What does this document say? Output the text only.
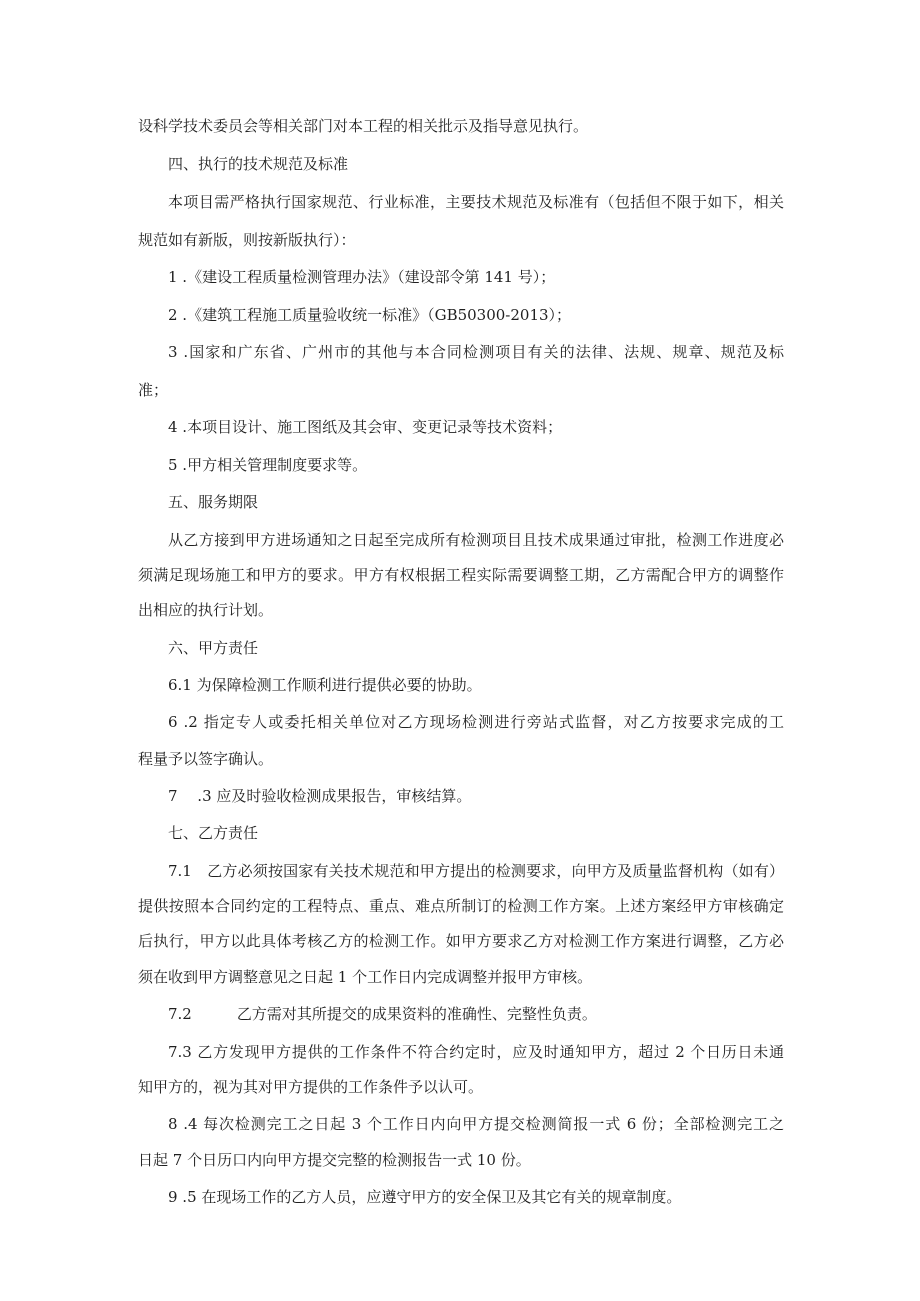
设科学技术委员会等相关部门对本工程的相关批示及指导意见执行。

四、执行的技术规范及标准

本项目需严格执行国家规范、行业标准，主要技术规范及标准有（包括但不限于如下，相关

规范如有新版，则按新版执行）：

1 .《建设工程质量检测管理办法》（建设部令第 141 号）；

2 .《建筑工程施工质量验收统一标准》（GB50300-2013）；

3 .国家和广东省、广州市的其他与本合同检测项目有关的法律、法规、规章、规范及标

准；

4 .本项目设计、施工图纸及其会审、变更记录等技术资料；

5 .甲方相关管理制度要求等。

五、服务期限

从乙方接到甲方进场通知之日起至完成所有检测项目且技术成果通过审批，检测工作进度必

须满足现场施工和甲方的要求。甲方有权根据工程实际需要调整工期，乙方需配合甲方的调整作

出相应的执行计划。

六、甲方责任

6.1 为保障检测工作顺利进行提供必要的协助。

6 .2 指定专人或委托相关单位对乙方现场检测进行旁站式监督，对乙方按要求完成的工

程量予以签字确认。

7　 .3 应及时验收检测成果报告，审核结算。

七、乙方责任

7.1　乙方必须按国家有关技术规范和甲方提出的检测要求，向甲方及质量监督机构（如有）

提供按照本合同约定的工程特点、重点、难点所制订的检测工作方案。上述方案经甲方审核确定

后执行，甲方以此具体考核乙方的检测工作。如甲方要求乙方对检测工作方案进行调整，乙方必

须在收到甲方调整意见之日起 1 个工作日内完成调整并报甲方审核。

7.2　　　乙方需对其所提交的成果资料的准确性、完整性负责。

7.3 乙方发现甲方提供的工作条件不符合约定时，应及时通知甲方，超过 2 个日历日未通

知甲方的，视为其对甲方提供的工作条件予以认可。

8 .4 每次检测完工之日起 3 个工作日内向甲方提交检测简报一式 6 份；全部检测完工之

日起 7 个日历口内向甲方提交完整的检测报告一式 10 份。

9 .5 在现场工作的乙方人员，应遵守甲方的安全保卫及其它有关的规章制度。
